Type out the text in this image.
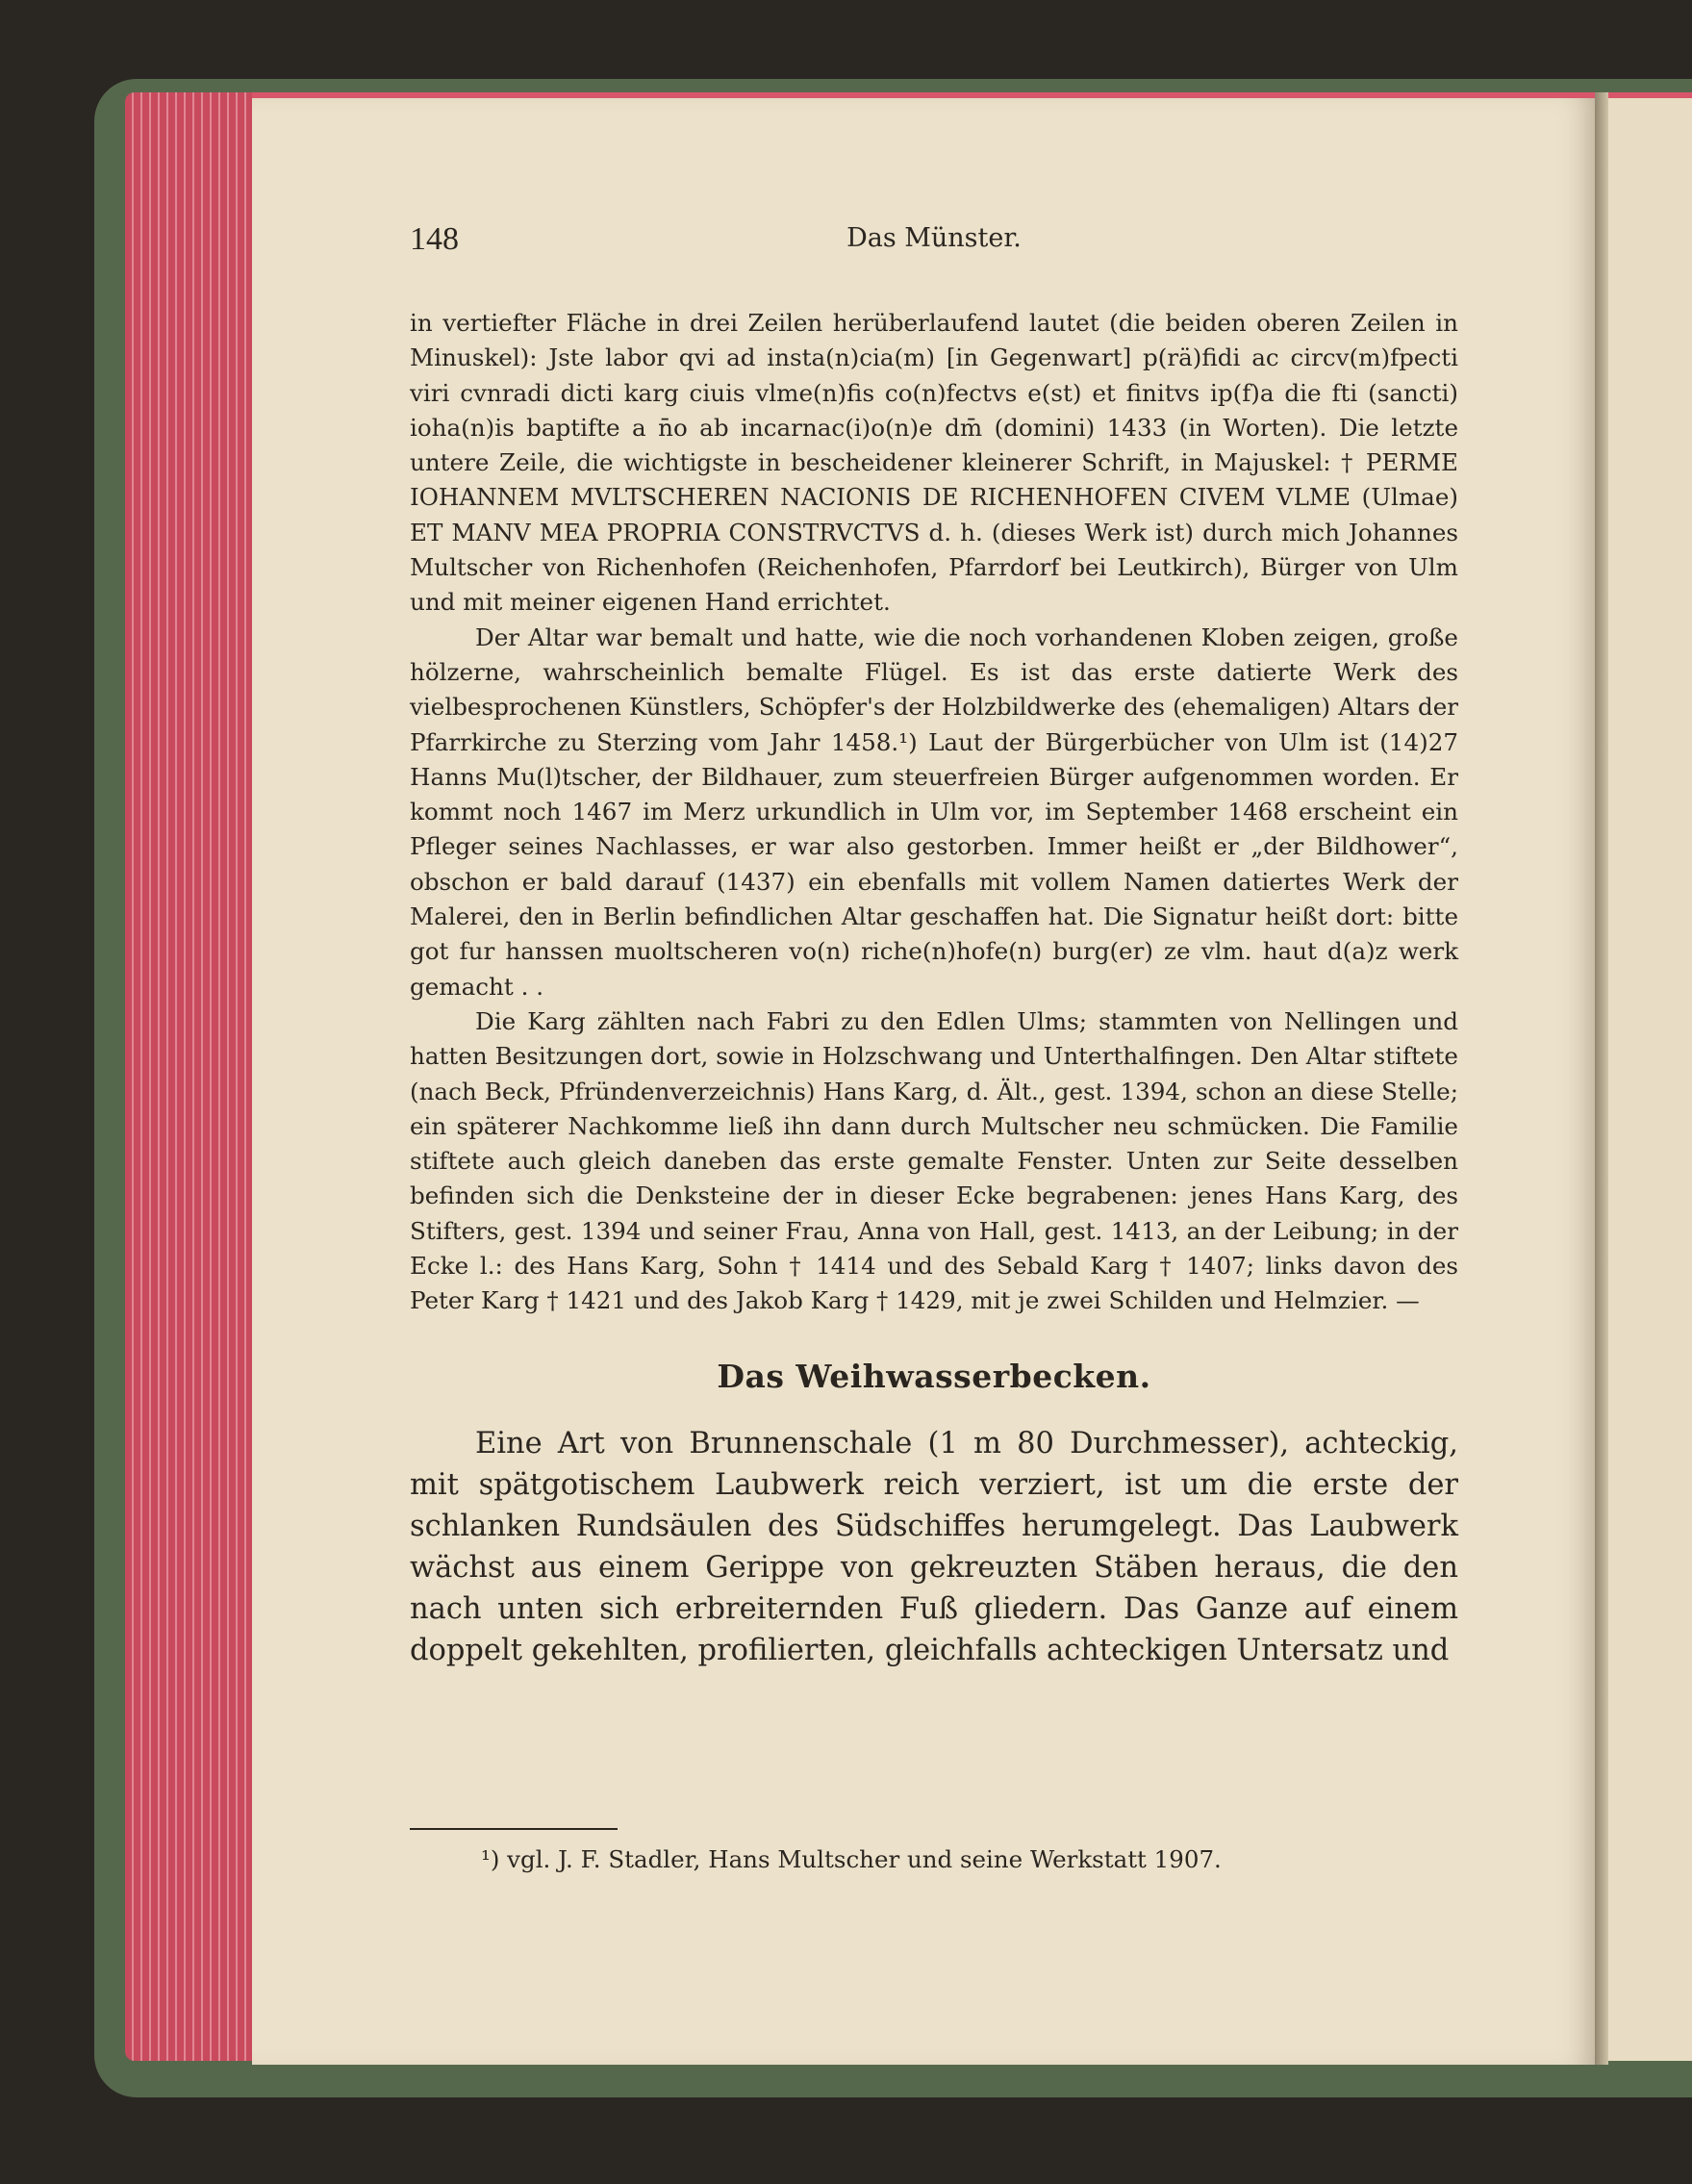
148	Das Münster.

in vertiefter Fläche in drei Zeilen herüberlaufend lautet (die beiden oberen Zeilen in Minuskel): Jste labor qvi ad insta(n)cia(m) [in Gegenwart] p(rä)fidi ac circv(m)fpecti viri cvnradi dicti karg ciuis vlme(n)fis co(n)fectvs e(st) et finitvs ip(f)a die fti (sancti) ioha(n)is baptifte a n̄o ab incarnac(i)o(n)e dm̄ (domini) 1433 (in Worten). Die letzte untere Zeile, die wichtigste in bescheidener kleinerer Schrift, in Majuskel: † PERME IOHANNEM MVLTSCHEREN NACIONIS DE RICHENHOFEN CIVEM VLME (Ulmae) ET MANV MEA PROPRIA CONSTRVCTVS d. h. (dieses Werk ist) durch mich Johannes Multscher von Richenhofen (Reichenhofen, Pfarrdorf bei Leutkirch), Bürger von Ulm und mit meiner eigenen Hand errichtet.

Der Altar war bemalt und hatte, wie die noch vorhandenen Kloben zeigen, große hölzerne, wahrscheinlich bemalte Flügel. Es ist das erste datierte Werk des vielbesprochenen Künstlers, Schöpfer's der Holzbildwerke des (ehemaligen) Altars der Pfarrkirche zu Sterzing vom Jahr 1458.¹) Laut der Bürgerbücher von Ulm ist (14)27 Hanns Mu(l)tscher, der Bildhauer, zum steuerfreien Bürger aufgenommen worden. Er kommt noch 1467 im Merz urkundlich in Ulm vor, im September 1468 erscheint ein Pfleger seines Nachlasses, er war also gestorben. Immer heißt er „der Bildhower“, obschon er bald darauf (1437) ein ebenfalls mit vollem Namen datiertes Werk der Malerei, den in Berlin befindlichen Altar geschaffen hat. Die Signatur heißt dort: bitte got fur hanssen muoltscheren vo(n) riche(n)hofe(n) burg(er) ze vlm. haut d(a)z werk gemacht . .

Die Karg zählten nach Fabri zu den Edlen Ulms; stammten von Nellingen und hatten Besitzungen dort, sowie in Holzschwang und Unterthalfingen. Den Altar stiftete (nach Beck, Pfründenverzeichnis) Hans Karg, d. Ält., gest. 1394, schon an diese Stelle; ein späterer Nachkomme ließ ihn dann durch Multscher neu schmücken. Die Familie stiftete auch gleich daneben das erste gemalte Fenster. Unten zur Seite desselben befinden sich die Denksteine der in dieser Ecke begrabenen: jenes Hans Karg, des Stifters, gest. 1394 und seiner Frau, Anna von Hall, gest. 1413, an der Leibung; in der Ecke l.: des Hans Karg, Sohn † 1414 und des Sebald Karg † 1407; links davon des Peter Karg † 1421 und des Jakob Karg † 1429, mit je zwei Schilden und Helmzier. —

Das Weihwasserbecken.

Eine Art von Brunnenschale (1 m 80 Durchmesser), achteckig, mit spätgotischem Laubwerk reich verziert, ist um die erste der schlanken Rundsäulen des Südschiffes herumgelegt. Das Laubwerk wächst aus einem Gerippe von gekreuzten Stäben heraus, die den nach unten sich erbreiternden Fuß gliedern. Das Ganze auf einem doppelt gekehlten, profilierten, gleichfalls achteckigen Untersatz und

¹) vgl. J. F. Stadler, Hans Multscher und seine Werkstatt 1907.
